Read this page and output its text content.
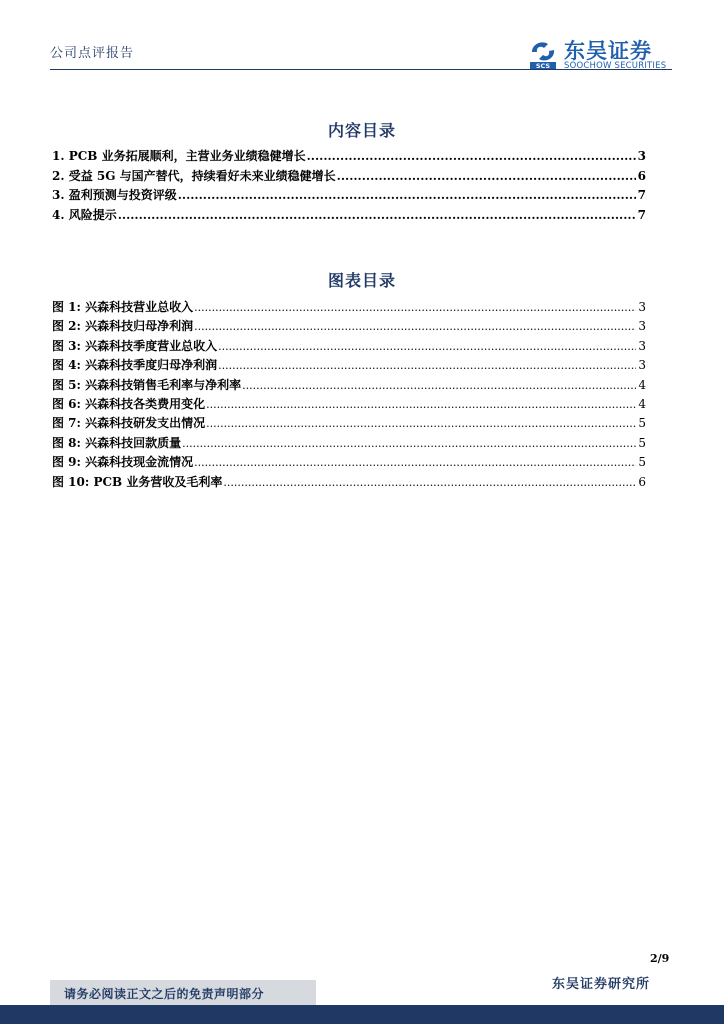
公司点评报告
SCS
东吴证券
SOOCHOW SECURITIES
内容目录
1. PCB 业务拓展顺利，主营业务业绩稳健增长 .....	3
2. 受益 5G 与国产替代，持续看好未来业绩稳健增长 .....	6
3. 盈利预测与投资评级 .....	7
4. 风险提示 .....	7
图表目录
图 1: 兴森科技营业总收入 .....	3
图 2: 兴森科技归母净利润 .....	3
图 3: 兴森科技季度营业总收入 .....	3
图 4: 兴森科技季度归母净利润 .....	3
图 5: 兴森科技销售毛利率与净利率 .....	4
图 6: 兴森科技各类费用变化 .....	4
图 7: 兴森科技研发支出情况 .....	5
图 8: 兴森科技回款质量 .....	5
图 9: 兴森科技现金流情况 .....	5
图 10: PCB 业务营收及毛利率 .....	6
2/9
请务必阅读正文之后的免责声明部分
东吴证券研究所
